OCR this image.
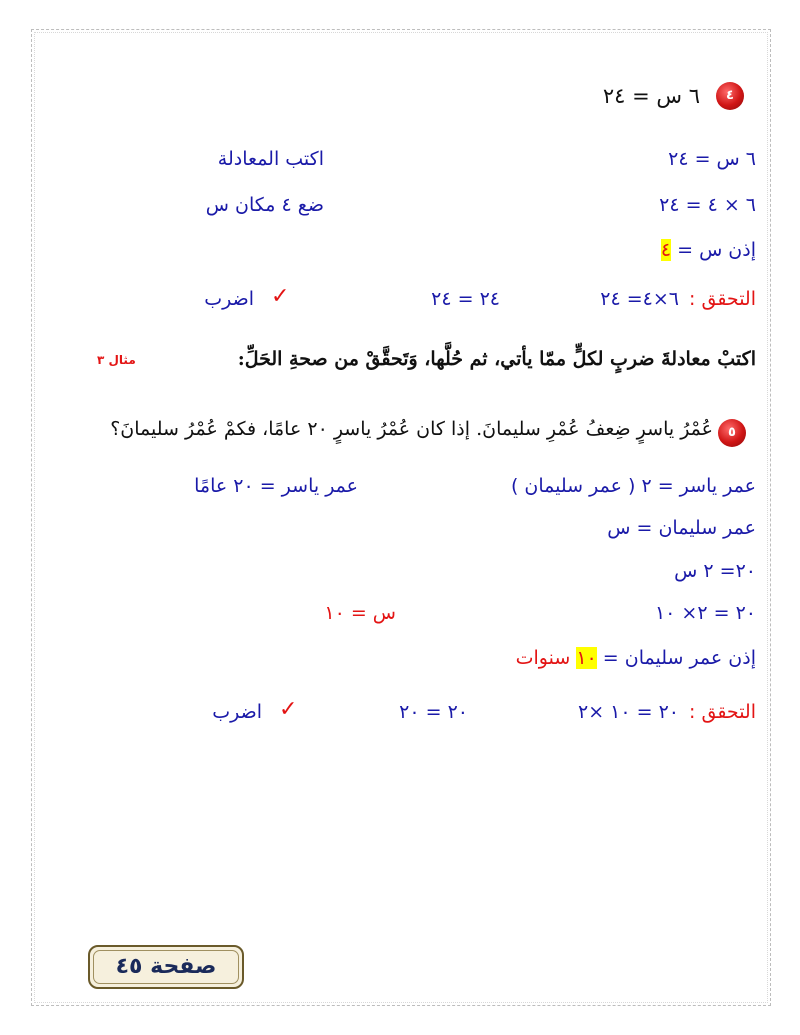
٤
٦ س = ٢٤
٦ س = ٢٤
اكتب المعادلة
٦ × ٤ = ٢٤
ضع ٤ مكان س
إذن س = ٤
التحقق :
٦×٤= ٢٤
٢٤ = ٢٤
✓
اضرب
اكتبْ معادلةَ ضربٍ لكلٍّ ممّا يأتي، ثم حُلَّها، وَتَحقَّقْ من صحةِ الحَلِّ:
مثال ٣
٥
عُمْرُ ياسرٍ ضِعفُ عُمْرِ سليمانَ. إذا كان عُمْرُ ياسرٍ ٢٠ عامًا، فكمْ عُمْرُ سليمانَ؟
عمر ياسر = ٢ ( عمر سليمان )
عمر ياسر = ٢٠ عامًا
عمر سليمان = س
٢٠= ٢ س
٢٠ = ٢× ١٠
س = ١٠
إذن عمر سليمان = ١٠ سنوات
التحقق :
٢٠ = ١٠ ×٢
٢٠ = ٢٠
✓
اضرب
صفحة ٤٥
